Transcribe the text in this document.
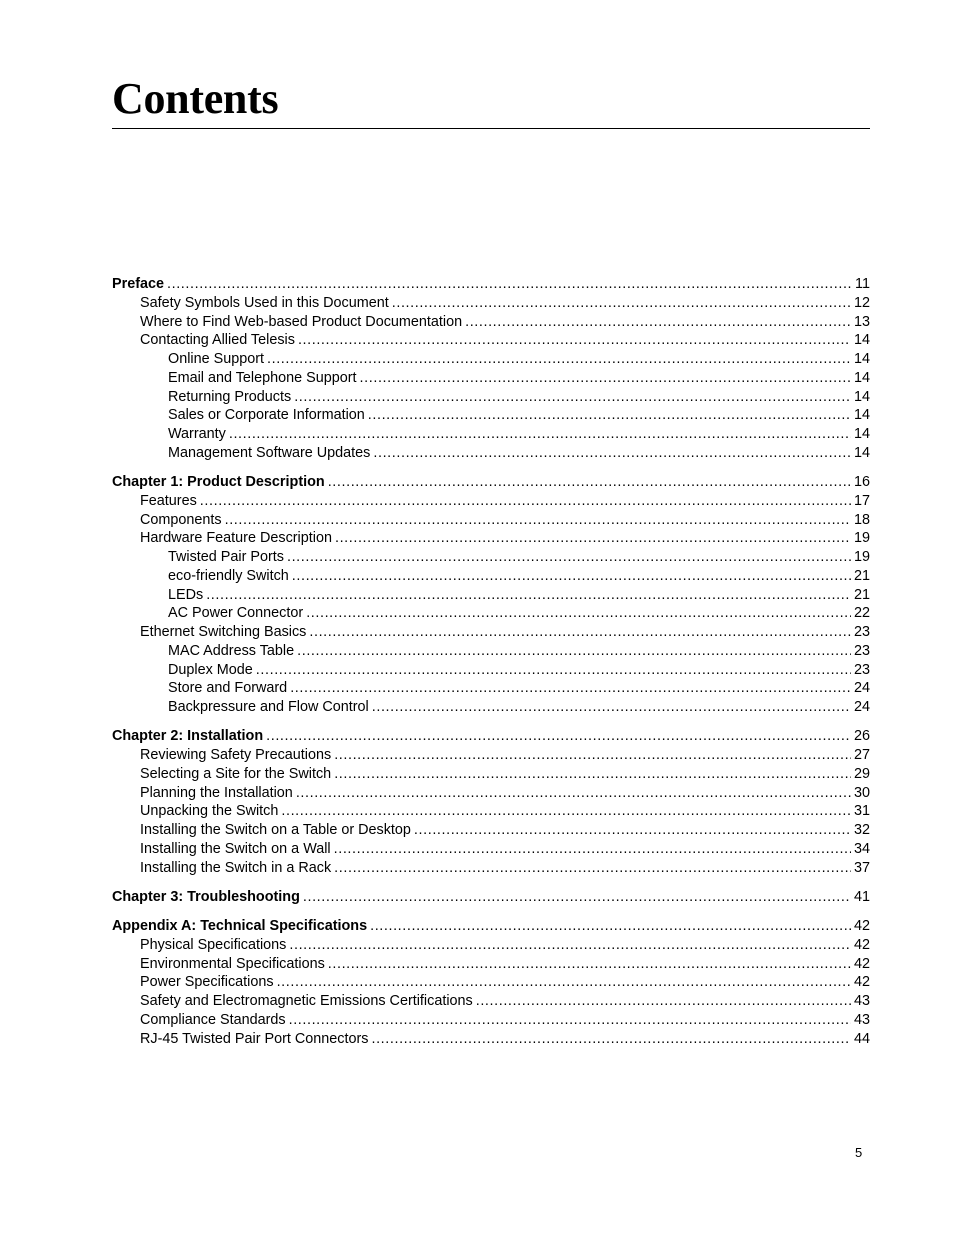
Contents
Preface .....	11
Safety Symbols Used in this Document .....	12
Where to Find Web-based Product Documentation .....	13
Contacting Allied Telesis .....	14
Online Support .....	14
Email and Telephone Support .....	14
Returning Products .....	14
Sales or Corporate Information .....	14
Warranty .....	14
Management Software Updates .....	14
Chapter 1: Product Description .....	16
Features .....	17
Components .....	18
Hardware Feature Description .....	19
Twisted Pair Ports .....	19
eco-friendly Switch .....	21
LEDs .....	21
AC Power Connector .....	22
Ethernet Switching Basics .....	23
MAC Address Table .....	23
Duplex Mode .....	23
Store and Forward .....	24
Backpressure and Flow Control .....	24
Chapter 2: Installation .....	26
Reviewing Safety Precautions .....	27
Selecting a Site for the Switch .....	29
Planning the Installation .....	30
Unpacking the Switch .....	31
Installing the Switch on a Table or Desktop .....	32
Installing the Switch on a Wall .....	34
Installing the Switch in a Rack .....	37
Chapter 3: Troubleshooting .....	41
Appendix A: Technical Specifications .....	42
Physical Specifications .....	42
Environmental Specifications .....	42
Power Specifications .....	42
Safety and Electromagnetic Emissions Certifications .....	43
Compliance Standards .....	43
RJ-45 Twisted Pair Port Connectors .....	44
5
